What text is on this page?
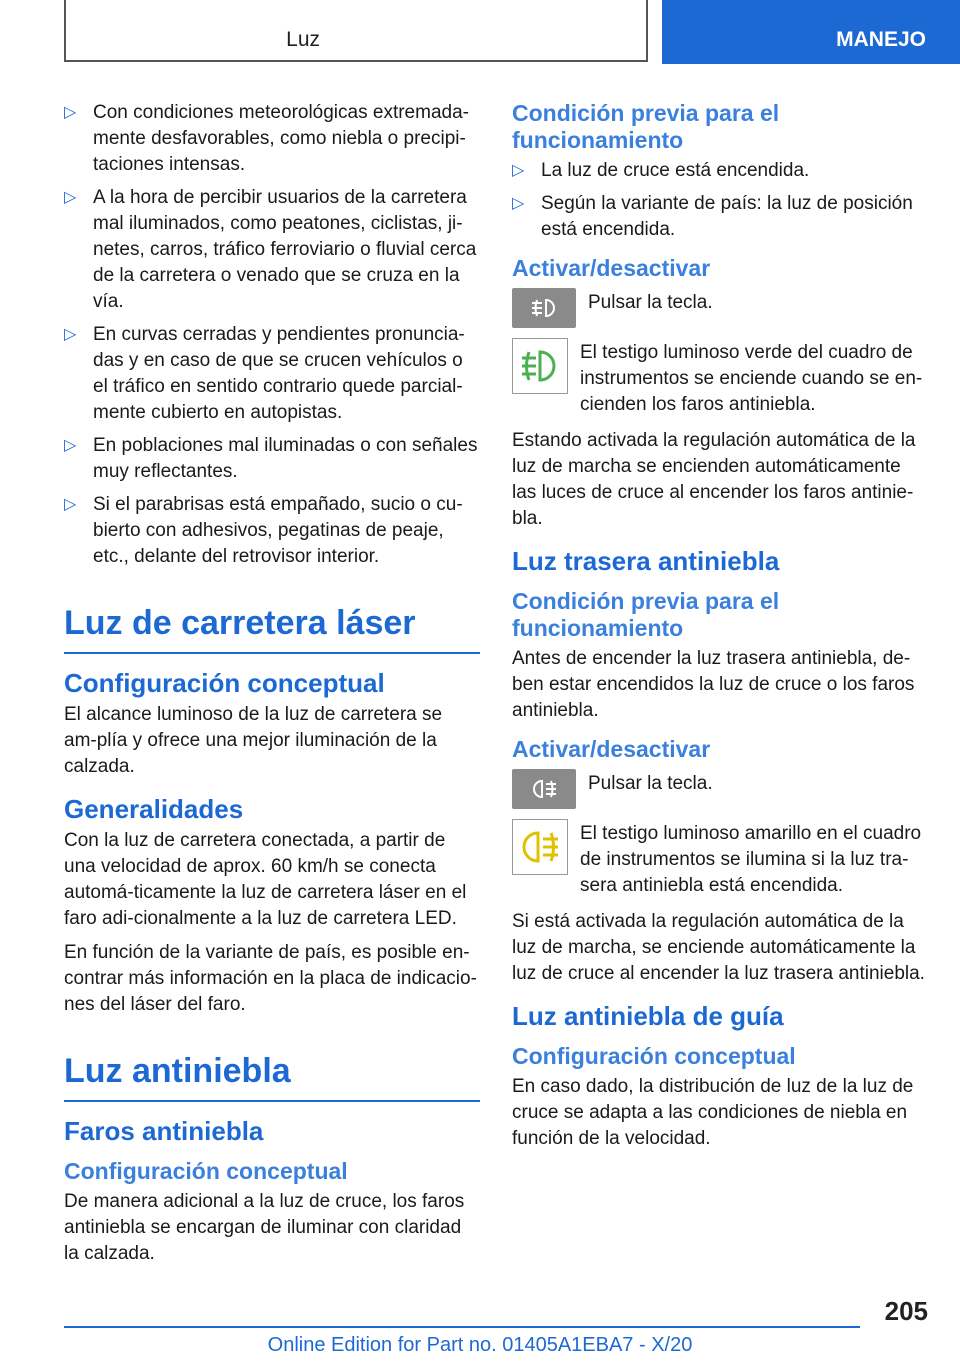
Luz	MANEJO
▷ Con condiciones meteorológicas extremada-mente desfavorables, como niebla o precipi-taciones intensas.
▷ A la hora de percibir usuarios de la carretera mal iluminados, como peatones, ciclistas, ji-netes, carros, tráfico ferroviario o fluvial cerca de la carretera o venado que se cruza en la vía.
▷ En curvas cerradas y pendientes pronuncia-das y en caso de que se crucen vehículos o el tráfico en sentido contrario quede parcial-mente cubierto en autopistas.
▷ En poblaciones mal iluminadas o con señales muy reflectantes.
▷ Si el parabrisas está empañado, sucio o cu-bierto con adhesivos, pegatinas de peaje, etc., delante del retrovisor interior.
Luz de carretera láser
Configuración conceptual

El alcance luminoso de la luz de carretera se am-plía y ofrece una mejor iluminación de la calzada.

Generalidades

Con la luz de carretera conectada, a partir de una velocidad de aprox. 60 km/h se conecta automá-ticamente la luz de carretera láser en el faro adi-cionalmente a la luz de carretera LED.

En función de la variante de país, es posible en-contrar más información en la placa de indicacio-nes del láser del faro.

Luz antiniebla
Faros antiniebla
Configuración conceptual

De manera adicional a la luz de cruce, los faros antiniebla se encargan de iluminar con claridad la calzada.

Condición previa para el funcionamiento
▷ La luz de cruce está encendida.
▷ Según la variante de país: la luz de posición está encendida.
Activar/desactivar
Pulsar la tecla.
El testigo luminoso verde del cuadro de instrumentos se enciende cuando se en-cienden los faros antiniebla.

Estando activada la regulación automática de la luz de marcha se encienden automáticamente las luces de cruce al encender los faros antinie-bla.

Luz trasera antiniebla
Condición previa para el funcionamiento

Antes de encender la luz trasera antiniebla, de-ben estar encendidos la luz de cruce o los faros antiniebla.

Activar/desactivar
Pulsar la tecla.
El testigo luminoso amarillo en el cuadro de instrumentos se ilumina si la luz tra-sera antiniebla está encendida.

Si está activada la regulación automática de la luz de marcha, se enciende automáticamente la luz de cruce al encender la luz trasera antiniebla.

Luz antiniebla de guía
Configuración conceptual

En caso dado, la distribución de luz de la luz de cruce se adapta a las condiciones de niebla en función de la velocidad.

205
Online Edition for Part no. 01405A1EBA7 - X/20
